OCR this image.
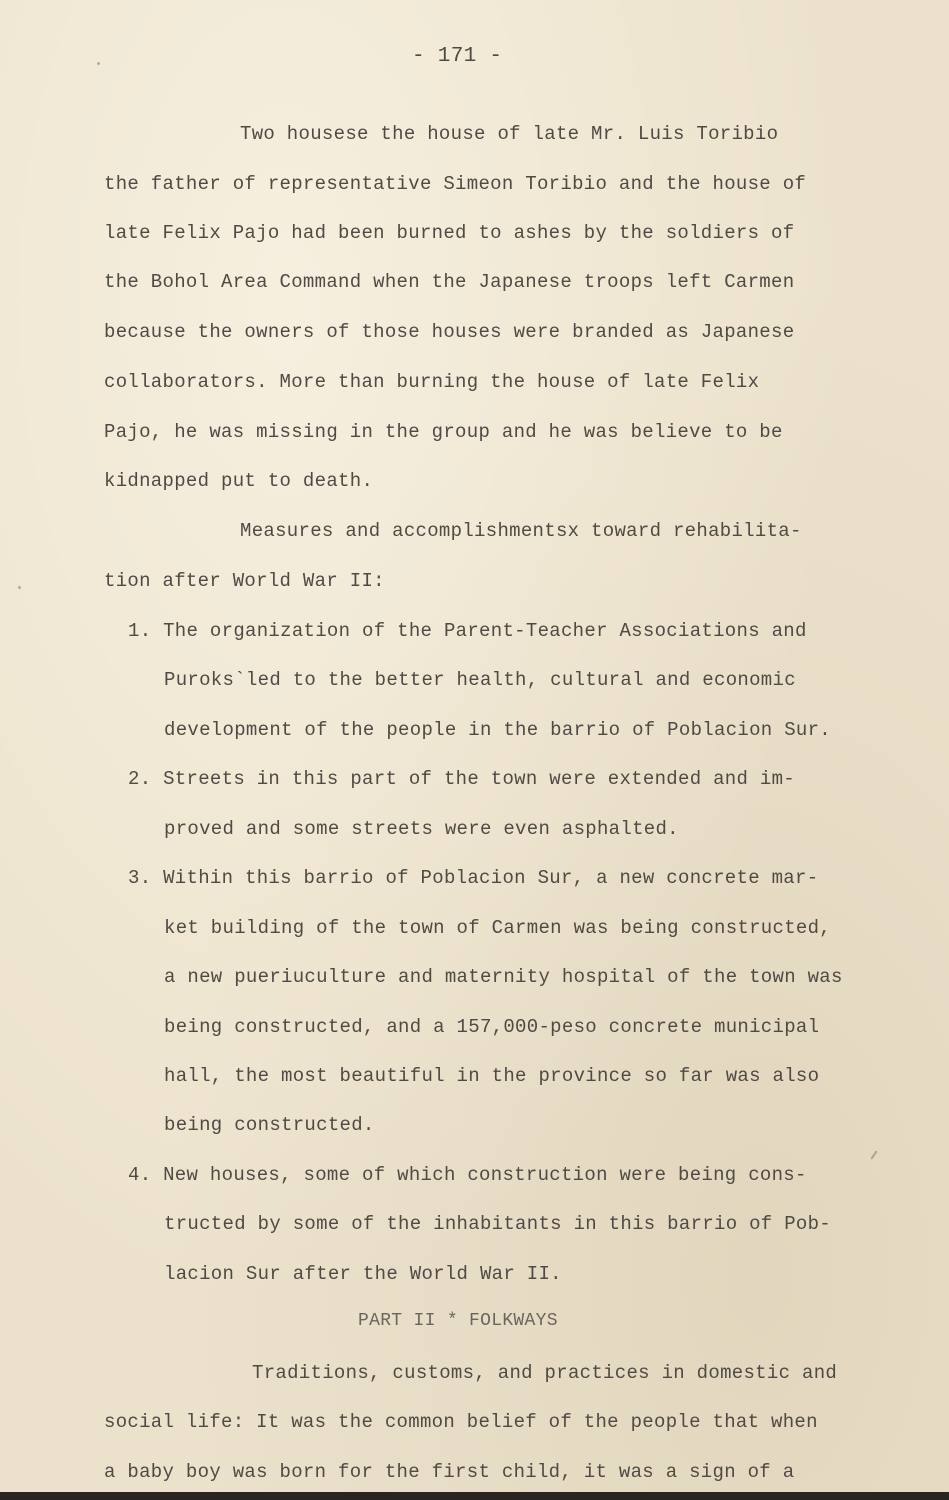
- 171 -
Two housese the house of late Mr. Luis Toribio
the father of representative Simeon Toribio and the house of
late Felix Pajo had been burned to ashes by the soldiers of
the Bohol Area Command when the Japanese troops left Carmen
because the owners of those houses were branded as Japanese
collaborators. More than burning the house of late Felix
Pajo, he was missing in the group and he was believe to be
kidnapped put to death.
Measures and accomplishmentsx toward rehabilita-
tion after World War II:
1. The organization of the Parent-Teacher Associations and
Puroks`led to the better health, cultural and economic
development of the people in the barrio of Poblacion Sur.
2. Streets in this part of the town were extended and im-
proved and some streets were even asphalted.
3. Within this barrio of Poblacion Sur, a new concrete mar-
ket building of the town of Carmen was being constructed,
a new pueriuculture and maternity hospital of the town was
being constructed, and a 157,000-peso concrete municipal
hall, the most beautiful in the province so far was also
being constructed.
4. New houses, some of which construction were being cons-
tructed by some of the inhabitants in this barrio of Pob-
lacion Sur after the World War II.
PART II * FOLKWAYS
Traditions, customs, and practices in domestic and
social life: It was the common belief of the people that when
a baby boy was born for the first child, it was a sign of a
